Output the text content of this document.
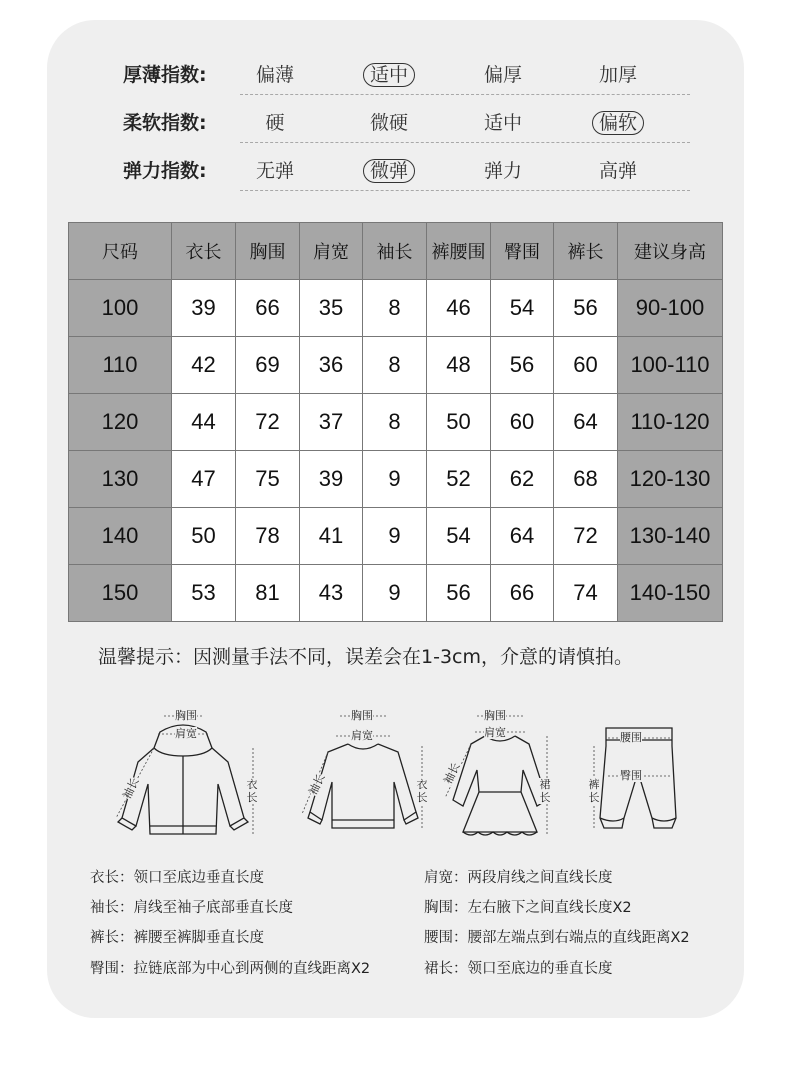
厚薄指数:	偏薄	适中	偏厚	加厚
柔软指数:	硬	微硬	适中	偏软
弹力指数:	无弹	微弹	弹力	高弹
尺码	衣长	胸围	肩宽	袖长	裤腰围	臀围	裤长	建议身高
100	39	66	35	8	46	54	56	90-100
110	42	69	36	8	48	56	60	100-110
120	44	72	37	8	50	60	64	110-120
130	47	75	39	9	52	62	68	120-130
140	50	78	41	9	54	64	72	130-140
150	53	81	43	9	56	66	74	140-150
温馨提示：因测量手法不同，误差会在1-3cm，介意的请慎拍。
胸围
肩宽
袖长	衣长
胸围
肩宽
袖长	衣长
胸围
肩宽
袖长	裙长
腰围
臀围
裤长
衣长：领口至底边垂直长度	肩宽：两段肩线之间直线长度
袖长：肩线至袖子底部垂直长度	胸围：左右腋下之间直线长度X2
裤长：裤腰至裤脚垂直长度	腰围：腰部左端点到右端点的直线距离X2
臀围：拉链底部为中心到两侧的直线距离X2	裙长：领口至底边的垂直长度
